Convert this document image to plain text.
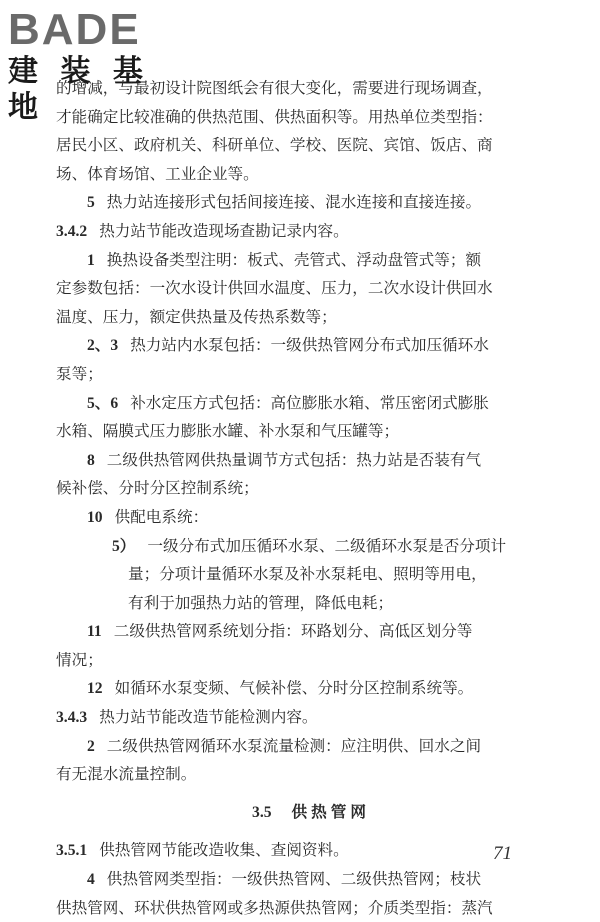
BADE
建 装 基 地
的增减，与最初设计院图纸会有很大变化，需要进行现场调查，
才能确定比较准确的供热范围、供热面积等。用热单位类型指：
居民小区、政府机关、科研单位、学校、医院、宾馆、饭店、商
场、体育场馆、工业企业等。
5 热力站连接形式包括间接连接、混水连接和直接连接。
3.4.2 热力站节能改造现场查勘记录内容。
1 换热设备类型注明：板式、壳管式、浮动盘管式等；额
定参数包括：一次水设计供回水温度、压力，二次水设计供回水
温度、压力，额定供热量及传热系数等；
2、3 热力站内水泵包括：一级供热管网分布式加压循环水
泵等；
5、6 补水定压方式包括：高位膨胀水箱、常压密闭式膨胀
水箱、隔膜式压力膨胀水罐、补水泵和气压罐等；
8 二级供热管网供热量调节方式包括：热力站是否装有气
候补偿、分时分区控制系统；
10 供配电系统：
5） 一级分布式加压循环水泵、二级循环水泵是否分项计
量；分项计量循环水泵及补水泵耗电、照明等用电，
有利于加强热力站的管理，降低电耗；
11 二级供热管网系统划分指：环路划分、高低区划分等
情况；
12 如循环水泵变频、气候补偿、分时分区控制系统等。
3.4.3 热力站节能改造节能检测内容。
2 二级供热管网循环水泵流量检测：应注明供、回水之间
有无混水流量控制。
3.5 供热管网
3.5.1 供热管网节能改造收集、查阅资料。
4 供热管网类型指：一级供热管网、二级供热管网；枝状
供热管网、环状供热管网或多热源供热管网；介质类型指：蒸汽
71
